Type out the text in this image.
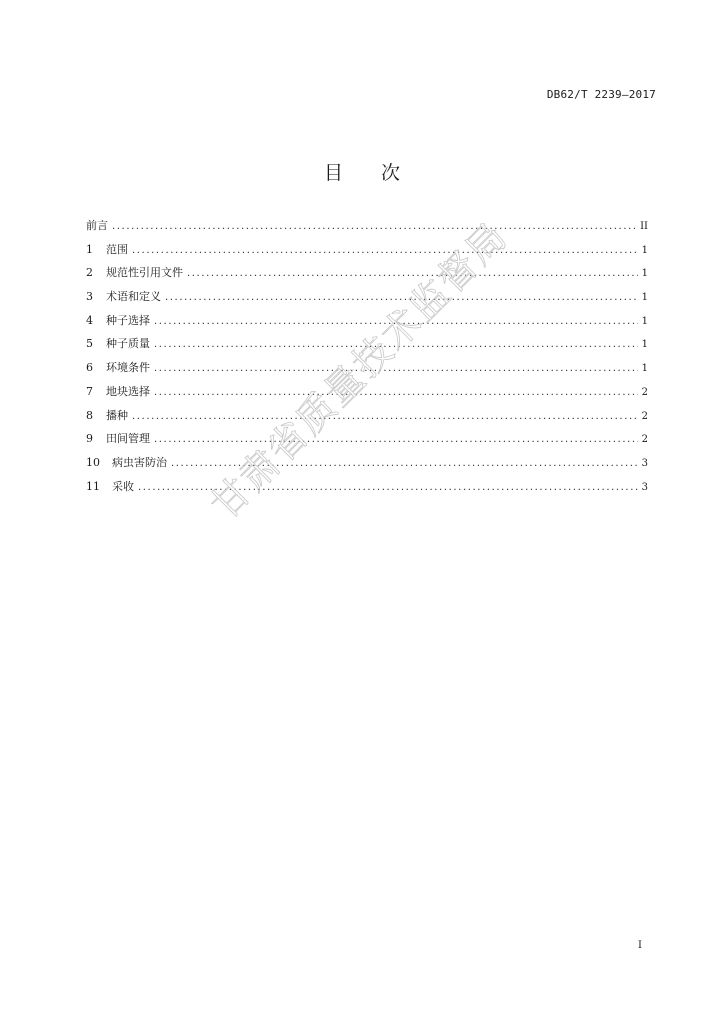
DB62/T 2239—2017
目 次
前言 .....	II
1	范围 .....	1
2	规范性引用文件 .....	1
3	术语和定义 .....	1
4	种子选择 .....	1
5	种子质量 .....	1
6	环境条件 .....	1
7	地块选择 .....	2
8	播种 .....	2
9	田间管理 .....	2
10	病虫害防治 .....	3
11	采收 .....	3
甘肃省质量技术监督局
I
